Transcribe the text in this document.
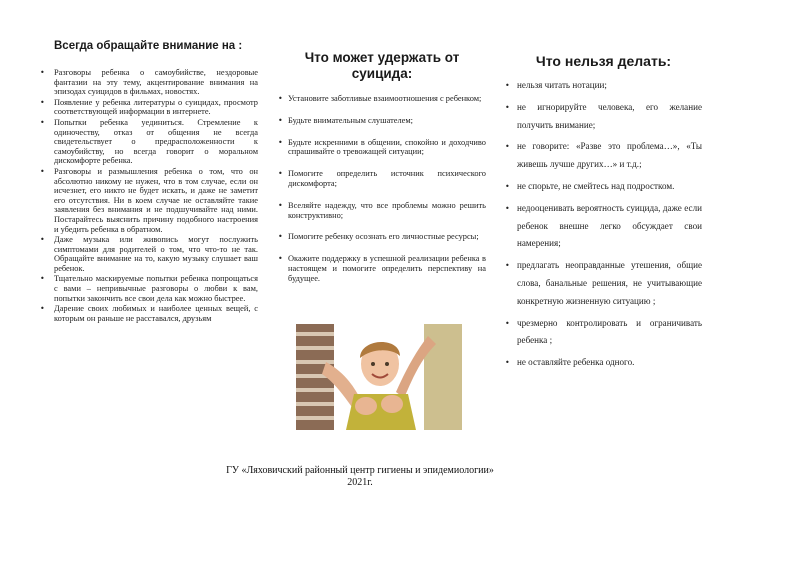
Всегда обращайте внимание на :
• Разговоры ребенка о самоубийстве, нездоровые фантазии на эту тему, акцентирование внимания на эпизодах суицидов в фильмах, новостях.
• Появление у ребенка литературы о суицидах, просмотр соответствующей информации в интернете.
• Попытки ребенка уединиться. Стремление к одиночеству, отказ от общения не всегда свидетельствует о предрасположенности к самоубийству, но всегда говорит о моральном дискомфорте ребенка.
• Разговоры и размышления ребенка о том, что он абсолютно никому не нужен, что в том случае, если он исчезнет, его никто не будет искать, и даже не заметит его отсутствия. Ни в коем случае не оставляйте такие заявления без внимания и не подшучивайте над ними. Постарайтесь выяснить причину подобного настроения и убедить ребенка в обратном.
• Даже музыка или живопись могут послужить симптомами для родителей о том, что что-то не так. Обращайте внимание на то, какую музыку слушает ваш ребенок.
• Тщательно маскируемые попытки ребенка попрощаться с вами – непривычные разговоры о любви к вам, попытки закончить все свои дела как можно быстрее.
• Дарение своих любимых и наиболее ценных вещей, с которым он раньше не расставался, друзьям
Что может удержать от суицида:
• Установите заботливые взаимоотношения с ребенком;
• Будьте внимательным слушателем;
• Будьте искренними в общении, спокойно и доходчиво спрашивайте о тревожащей ситуации;
• Помогите определить источник психического дискомфорта;
• Вселяйте надежду, что все проблемы можно решить конструктивно;
• Помогите ребенку осознать его личностные ресурсы;
• Окажите поддержку в успешной реализации ребенка в настоящем и помогите определить перспективу на будущее.
Что нельзя делать:
• нельзя читать нотации;
• не игнорируйте человека, его желание получить внимание;
• не говорите: «Разве это проблема…», «Ты живешь лучше других…» и т.д.;
• не спорьте, не смейтесь над подростком.
• недооценивать вероятность суицида, даже если ребенок внешне легко обсуждает свои намерения;
• предлагать неоправданные утешения, общие слова, банальные решения, не учитывающие конкретную жизненную ситуацию ;
• чрезмерно контролировать и ограничивать ребенка ;
• не оставляйте ребенка одного.
ГУ «Ляховичский районный центр гигиены и эпидемиологии»
2021г.
